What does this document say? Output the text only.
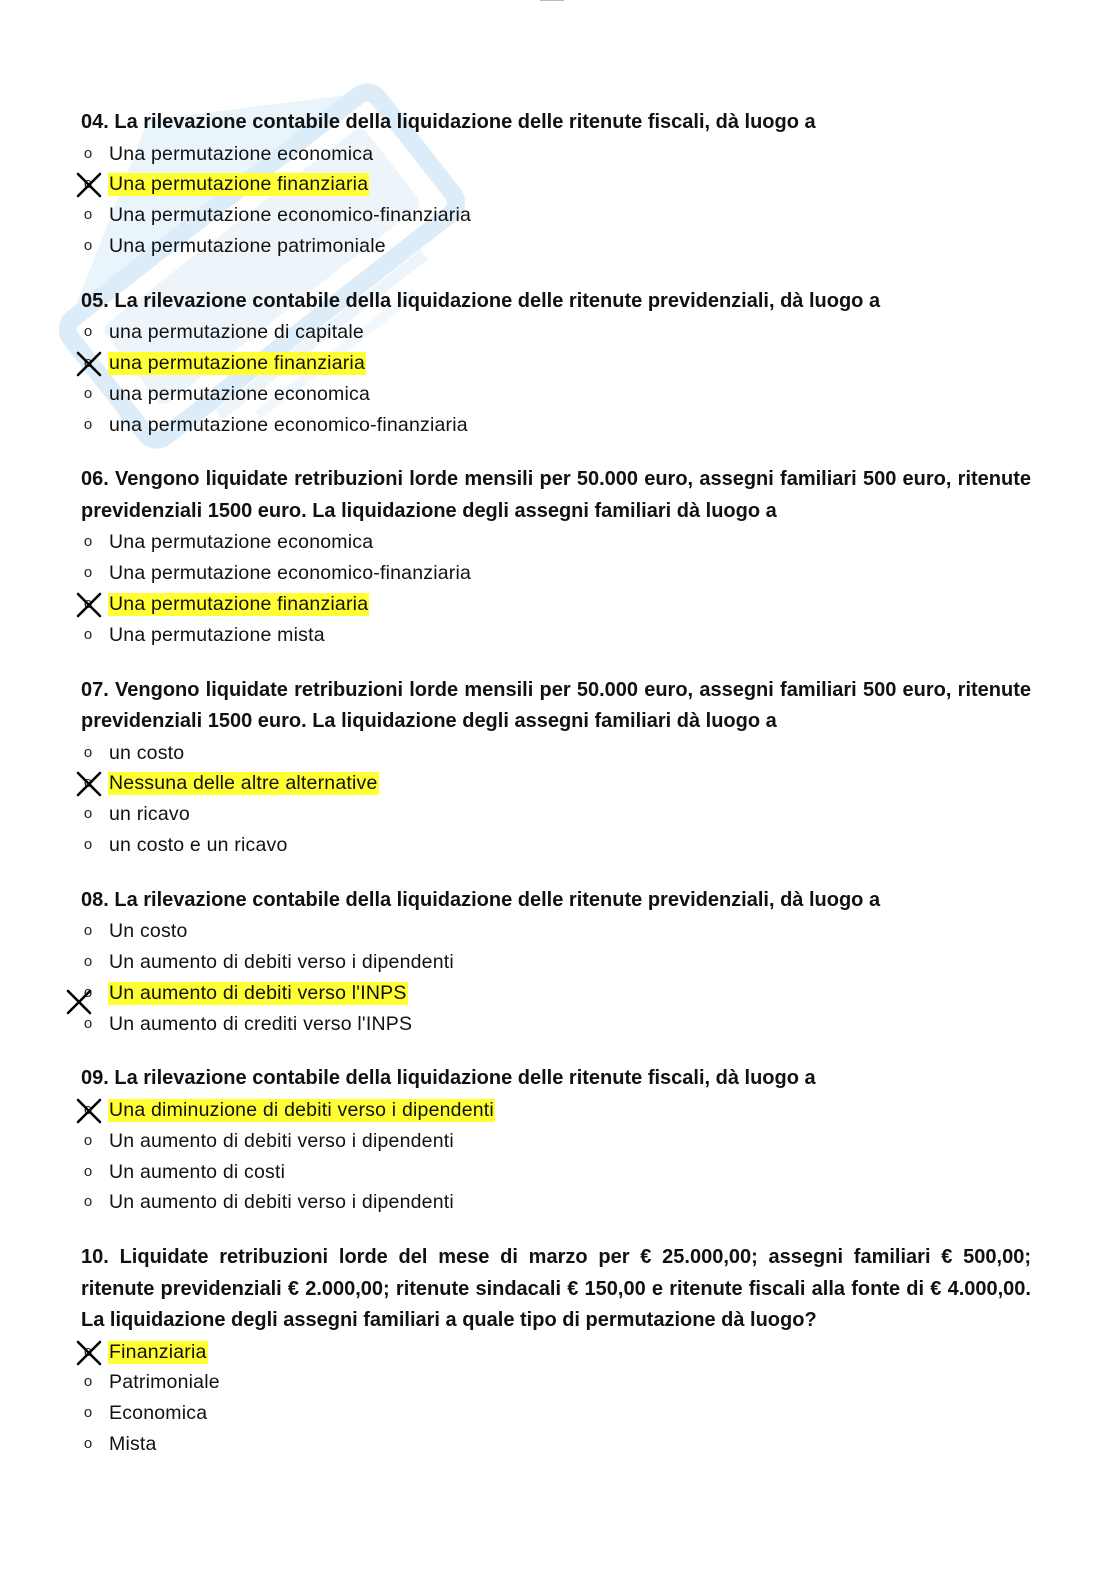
04. La rilevazione contabile della liquidazione delle ritenute fiscali, dà luogo a

o Una permutazione economica
o Una permutazione finanziaria
o Una permutazione economico-finanziaria
o Una permutazione patrimoniale

05. La rilevazione contabile della liquidazione delle ritenute previdenziali, dà luogo a

o una permutazione di capitale
o una permutazione finanziaria
o una permutazione economica
o una permutazione economico-finanziaria

06. Vengono liquidate retribuzioni lorde mensili per 50.000 euro, assegni familiari 500 euro, ritenute previdenziali 1500 euro. La liquidazione degli assegni familiari dà luogo a

o Una permutazione economica
o Una permutazione economico-finanziaria
o Una permutazione finanziaria
o Una permutazione mista

07. Vengono liquidate retribuzioni lorde mensili per 50.000 euro, assegni familiari 500 euro, ritenute previdenziali 1500 euro. La liquidazione degli assegni familiari dà luogo a

o un costo
o Nessuna delle altre alternative
o un ricavo
o un costo e un ricavo

08. La rilevazione contabile della liquidazione delle ritenute previdenziali, dà luogo a

o Un costo
o Un aumento di debiti verso i dipendenti
o Un aumento di debiti verso l'INPS
o Un aumento di crediti verso l'INPS

09. La rilevazione contabile della liquidazione delle ritenute fiscali, dà luogo a

o Una diminuzione di debiti verso i dipendenti
o Un aumento di debiti verso i dipendenti
o Un aumento di costi
o Un aumento di debiti verso i dipendenti

10. Liquidate retribuzioni lorde del mese di marzo per € 25.000,00; assegni familiari € 500,00; ritenute previdenziali € 2.000,00; ritenute sindacali € 150,00 e ritenute fiscali alla fonte di € 4.000,00. La liquidazione degli assegni familiari a quale tipo di permutazione dà luogo?

o Finanziaria
o Patrimoniale
o Economica
o Mista
